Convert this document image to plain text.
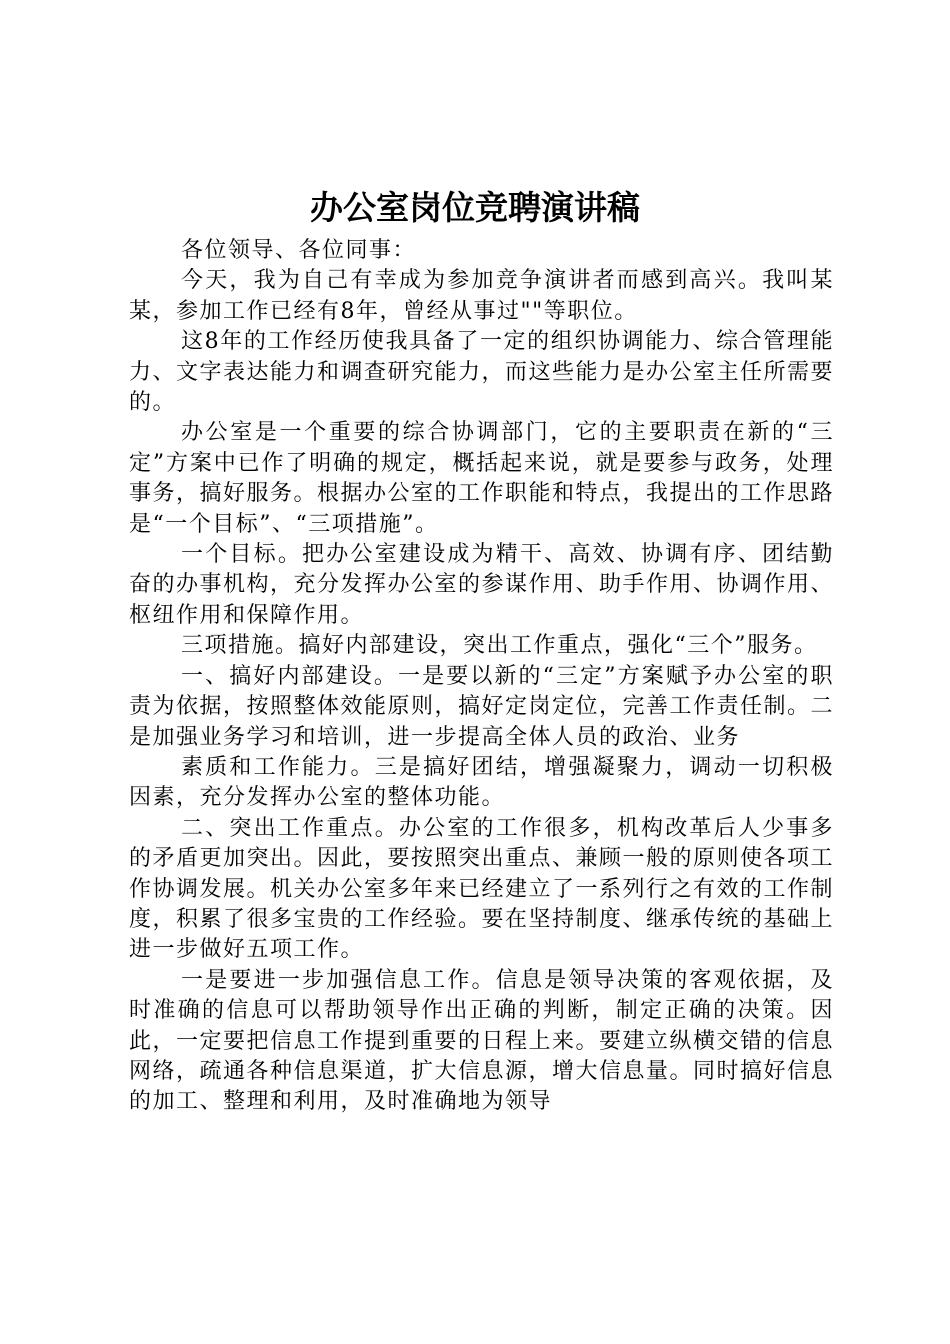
办公室岗位竞聘演讲稿

各位领导、各位同事：

今天，我为自己有幸成为参加竞争演讲者而感到高兴。我叫某某，参加工作已经有8年，曾经从事过""等职位。

这8年的工作经历使我具备了一定的组织协调能力、综合管理能力、文字表达能力和调查研究能力，而这些能力是办公室主任所需要的。

办公室是一个重要的综合协调部门，它的主要职责在新的“三定”方案中已作了明确的规定，概括起来说，就是要参与政务，处理事务，搞好服务。根据办公室的工作职能和特点，我提出的工作思路是“一个目标”、“三项措施”。

一个目标。把办公室建设成为精干、高效、协调有序、团结勤奋的办事机构，充分发挥办公室的参谋作用、助手作用、协调作用、枢纽作用和保障作用。

三项措施。搞好内部建设，突出工作重点，强化“三个”服务。

一、搞好内部建设。一是要以新的“三定”方案赋予办公室的职责为依据，按照整体效能原则，搞好定岗定位，完善工作责任制。二是加强业务学习和培训，进一步提高全体人员的政治、业务

素质和工作能力。三是搞好团结，增强凝聚力，调动一切积极因素，充分发挥办公室的整体功能。

二、突出工作重点。办公室的工作很多，机构改革后人少事多的矛盾更加突出。因此，要按照突出重点、兼顾一般的原则使各项工作协调发展。机关办公室多年来已经建立了一系列行之有效的工作制度，积累了很多宝贵的工作经验。要在坚持制度、继承传统的基础上进一步做好五项工作。

一是要进一步加强信息工作。信息是领导决策的客观依据，及时准确的信息可以帮助领导作出正确的判断，制定正确的决策。因此，一定要把信息工作提到重要的日程上来。要建立纵横交错的信息网络，疏通各种信息渠道，扩大信息源，增大信息量。同时搞好信息的加工、整理和利用，及时准确地为领导
